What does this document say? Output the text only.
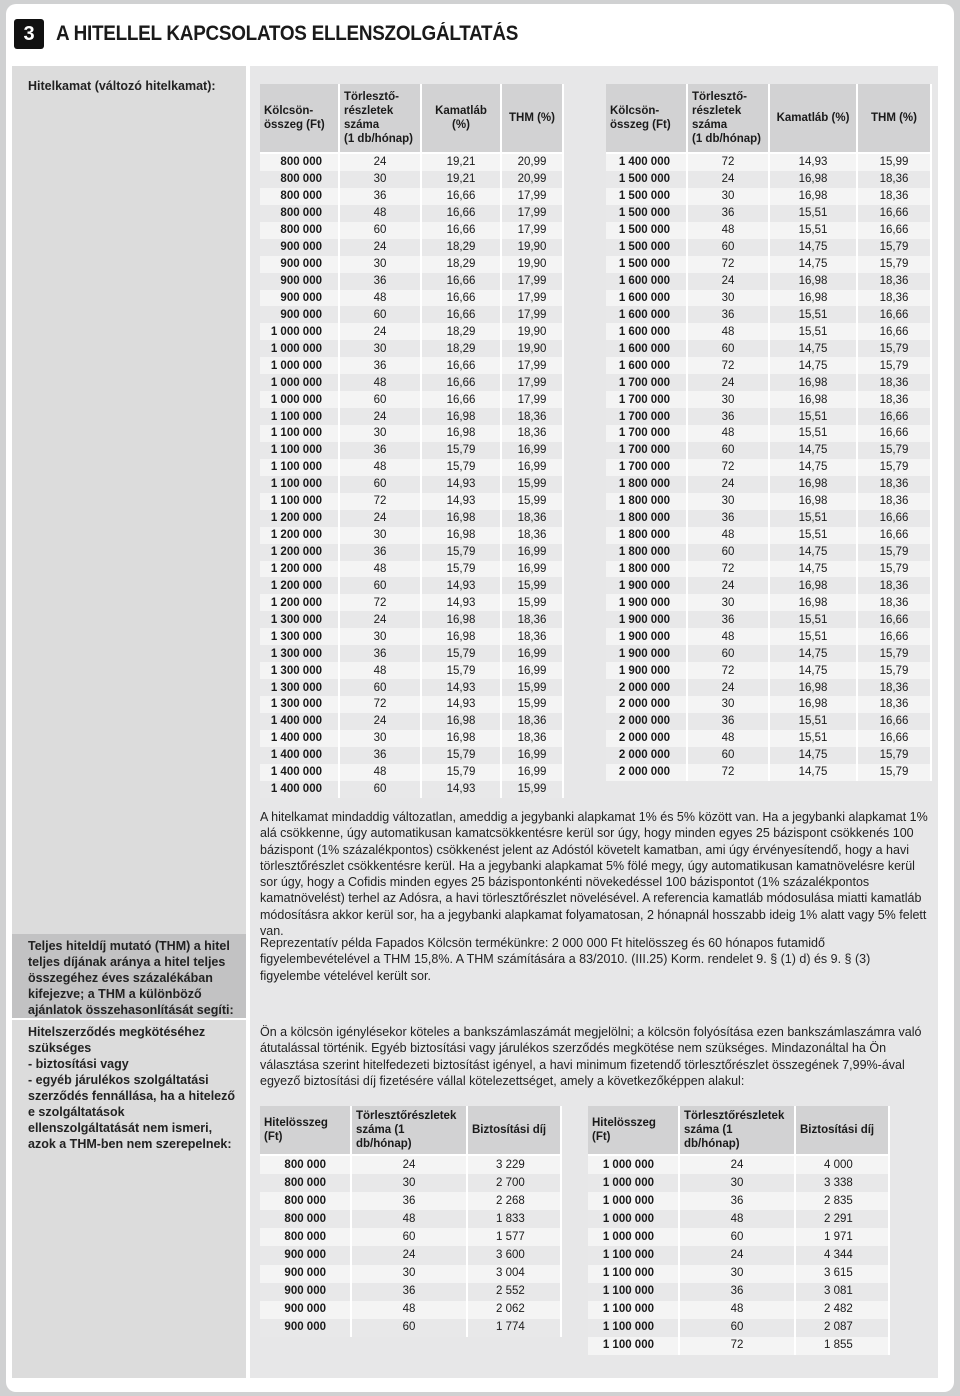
3	A HITELLEL KAPCSOLATOS ELLENSZOLGÁLTATÁS
Hitelkamat (változó hitelkamat):
Teljes hiteldíj mutató (THM) a hitel teljes díjának aránya a hitel teljes összegéhez éves százalékában kifejezve; a THM a különböző ajánlatok összehasonlítását segíti:
Hitelszerződés megkötéséhez szükséges
- biztosítási vagy
- egyéb járulékos szolgáltatási szerződés fennállása, ha a hitelező e szolgáltatások ellenszolgáltatását nem ismeri, azok a THM-ben nem szerepelnek:
Kölcsön-
összeg (Ft)	Törlesztő-
részletek
száma
(1 db/hónap)	Kamatláb (%)	THM (%)
800 000	24	19,21	20,99
800 000	30	19,21	20,99
800 000	36	16,66	17,99
800 000	48	16,66	17,99
800 000	60	16,66	17,99
900 000	24	18,29	19,90
900 000	30	18,29	19,90
900 000	36	16,66	17,99
900 000	48	16,66	17,99
900 000	60	16,66	17,99
1 000 000	24	18,29	19,90
1 000 000	30	18,29	19,90
1 000 000	36	16,66	17,99
1 000 000	48	16,66	17,99
1 000 000	60	16,66	17,99
1 100 000	24	16,98	18,36
1 100 000	30	16,98	18,36
1 100 000	36	15,79	16,99
1 100 000	48	15,79	16,99
1 100 000	60	14,93	15,99
1 100 000	72	14,93	15,99
1 200 000	24	16,98	18,36
1 200 000	30	16,98	18,36
1 200 000	36	15,79	16,99
1 200 000	48	15,79	16,99
1 200 000	60	14,93	15,99
1 200 000	72	14,93	15,99
1 300 000	24	16,98	18,36
1 300 000	30	16,98	18,36
1 300 000	36	15,79	16,99
1 300 000	48	15,79	16,99
1 300 000	60	14,93	15,99
1 300 000	72	14,93	15,99
1 400 000	24	16,98	18,36
1 400 000	30	16,98	18,36
1 400 000	36	15,79	16,99
1 400 000	48	15,79	16,99
1 400 000	60	14,93	15,99
Kölcsön-
összeg (Ft)	Törlesztő-
részletek
száma
(1 db/hónap)	Kamatláb (%)	THM (%)
1 400 000	72	14,93	15,99
1 500 000	24	16,98	18,36
1 500 000	30	16,98	18,36
1 500 000	36	15,51	16,66
1 500 000	48	15,51	16,66
1 500 000	60	14,75	15,79
1 500 000	72	14,75	15,79
1 600 000	24	16,98	18,36
1 600 000	30	16,98	18,36
1 600 000	36	15,51	16,66
1 600 000	48	15,51	16,66
1 600 000	60	14,75	15,79
1 600 000	72	14,75	15,79
1 700 000	24	16,98	18,36
1 700 000	30	16,98	18,36
1 700 000	36	15,51	16,66
1 700 000	48	15,51	16,66
1 700 000	60	14,75	15,79
1 700 000	72	14,75	15,79
1 800 000	24	16,98	18,36
1 800 000	30	16,98	18,36
1 800 000	36	15,51	16,66
1 800 000	48	15,51	16,66
1 800 000	60	14,75	15,79
1 800 000	72	14,75	15,79
1 900 000	24	16,98	18,36
1 900 000	30	16,98	18,36
1 900 000	36	15,51	16,66
1 900 000	48	15,51	16,66
1 900 000	60	14,75	15,79
1 900 000	72	14,75	15,79
2 000 000	24	16,98	18,36
2 000 000	30	16,98	18,36
2 000 000	36	15,51	16,66
2 000 000	48	15,51	16,66
2 000 000	60	14,75	15,79
2 000 000	72	14,75	15,79
A hitelkamat mindaddig változatlan, ameddig a jegybanki alapkamat 1% és 5% között van. Ha a jegybanki alapkamat 1% alá csökkenne, úgy automatikusan kamatcsökkentésre kerül sor úgy, hogy minden egyes 25 bázispont csökkenés 100 bázispont (1% százalékpontos) csökkenést jelent az Adóstól követelt kamatban, ami úgy érvényesítendő, hogy a havi törlesztőrészlet csökkentésre kerül. Ha a jegybanki alapkamat 5% fölé megy, úgy automatikusan kamatnövelésre kerül sor úgy, hogy a Cofidis minden egyes 25 bázispontonkénti növekedéssel 100 bázispontot (1% százalékpontos kamatnövelést) terhel az Adósra, a havi törlesztőrészlet növelésével. A referencia kamatláb módosulása miatti kamatláb módosításra akkor kerül sor, ha a jegybanki alapkamat folyamatosan, 2 hónapnál hosszabb ideig 1% alatt vagy 5% felett van.
Reprezentatív példa Fapados Kölcsön termékünkre: 2 000 000 Ft hitelösszeg és 60 hónapos futamidő figyelembevételével a THM 15,8%. A THM számítására a 83/2010. (III.25) Korm. rendelet 9. § (1) d) és 9. § (3) figyelembe vételével került sor.
Ön a kölcsön igénylésekor köteles a bankszámlaszámát megjelölni; a kölcsön folyósítása ezen bankszámlaszámra való átutalással történik. Egyéb biztosítási vagy járulékos szerződés megkötése nem szükséges. Mindazonáltal ha Ön választása szerint hitelfedezeti biztosítást igényel, a havi minimum fizetendő törlesztőrészlet összegének 7,99%-ával egyező biztosítási díj fizetésére vállal kötelezettséget, amely a következőképpen alakul:
Hitelösszeg (Ft)	Törlesztőrészletek
száma (1 db/hónap)	Biztosítási díj
800 000	24	3 229
800 000	30	2 700
800 000	36	2 268
800 000	48	1 833
800 000	60	1 577
900 000	24	3 600
900 000	30	3 004
900 000	36	2 552
900 000	48	2 062
900 000	60	1 774
Hitelösszeg (Ft)	Törlesztőrészletek
száma (1 db/hónap)	Biztosítási díj
1 000 000	24	4 000
1 000 000	30	3 338
1 000 000	36	2 835
1 000 000	48	2 291
1 000 000	60	1 971
1 100 000	24	4 344
1 100 000	30	3 615
1 100 000	36	3 081
1 100 000	48	2 482
1 100 000	60	2 087
1 100 000	72	1 855
